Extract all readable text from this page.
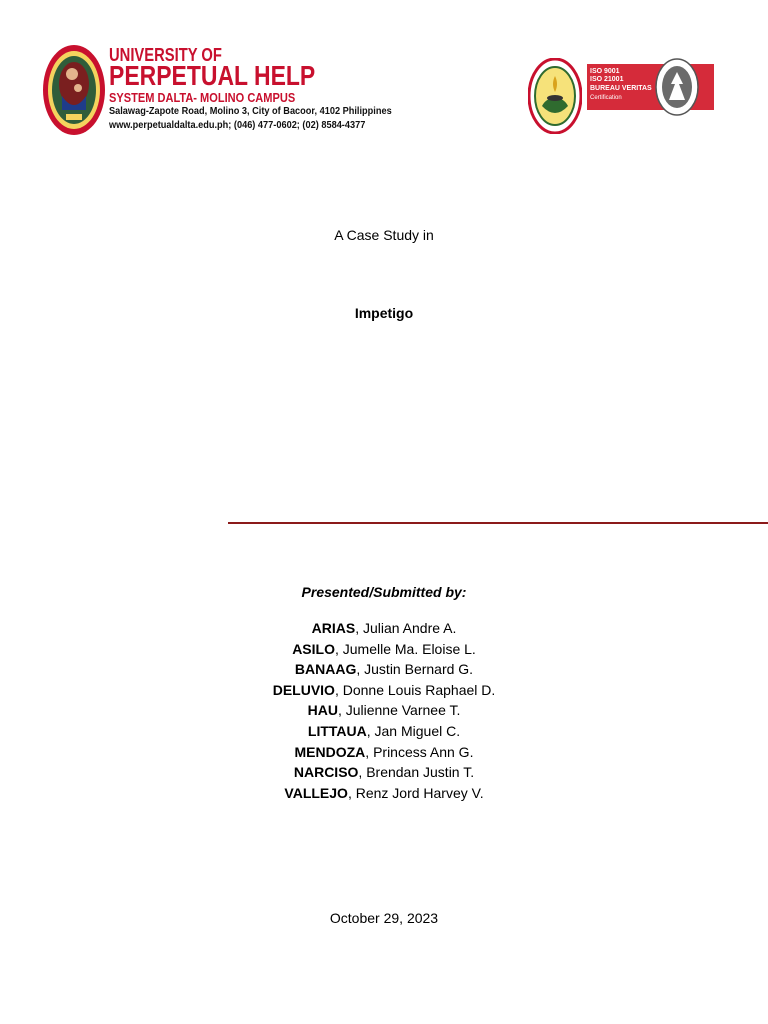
UNIVERSITY OF
PERPETUAL HELP
SYSTEM DALTA- MOLINO CAMPUS
Salawag-Zapote Road, Molino 3, City of Bacoor, 4102 Philippines
www.perpetualdalta.edu.ph; (046) 477-0602; (02) 8584-4377
ISO 9001
ISO 21001
BUREAU VERITAS
Certification
A Case Study in
Impetigo
Presented/Submitted by:
ARIAS, Julian Andre A.
ASILO, Jumelle Ma. Eloise L.
BANAAG, Justin Bernard G.
DELUVIO, Donne Louis Raphael D.
HAU, Julienne Varnee T.
LITTAUA, Jan Miguel C.
MENDOZA, Princess Ann G.
NARCISO, Brendan Justin T.
VALLEJO, Renz Jord Harvey V.
October 29, 2023
